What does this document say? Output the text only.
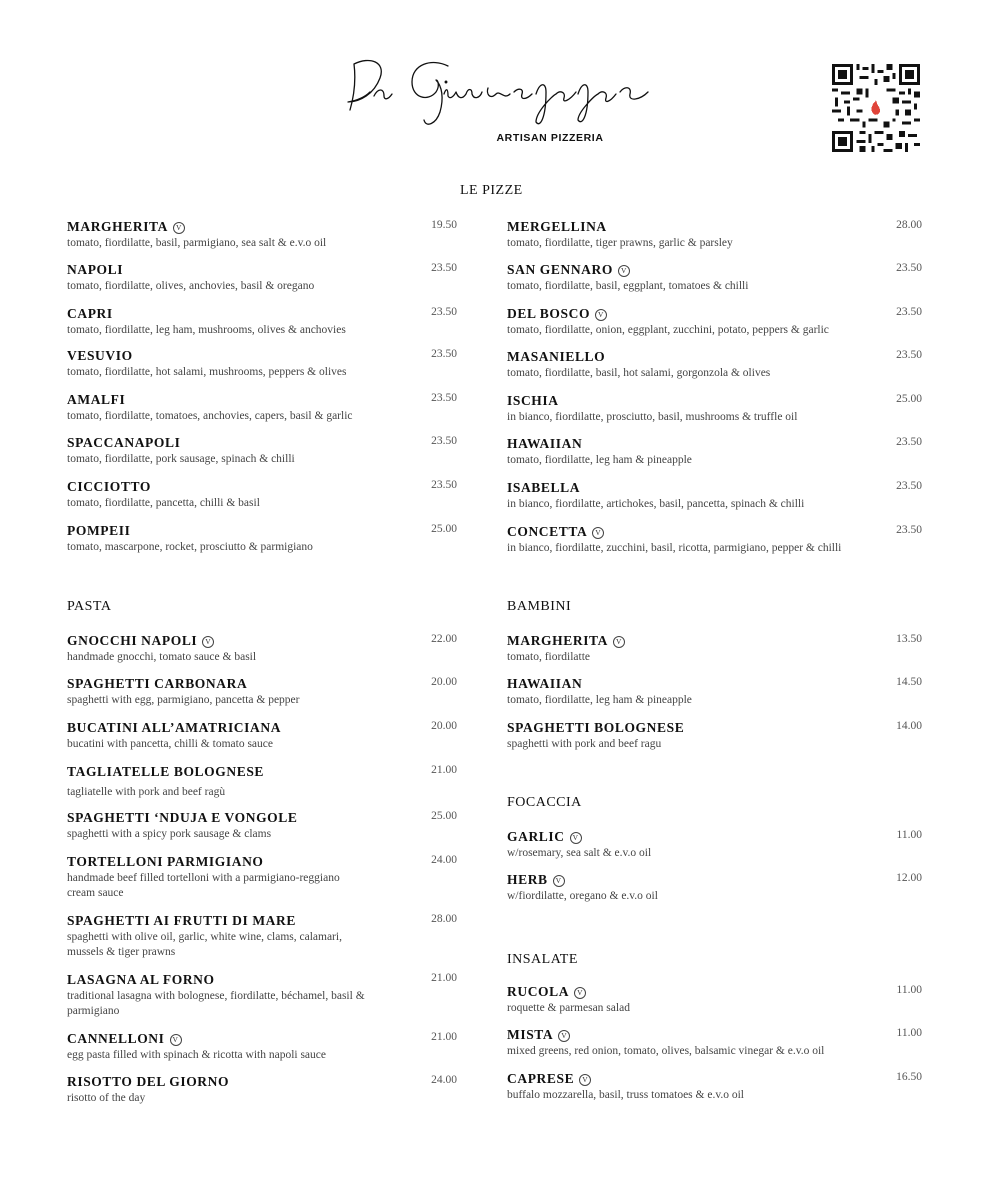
ARTISAN PIZZERIA
LE PIZZE
PASTA	BAMBINI
FOCACCIA
INSALATE
MARGHERITA V
tomato, fiordilatte, basil, parmigiano, sea salt & e.v.o oil
19.50
NAPOLI
tomato, fiordilatte, olives, anchovies, basil & oregano
23.50
CAPRI
tomato, fiordilatte, leg ham, mushrooms, olives & anchovies
23.50
VESUVIO
tomato, fiordilatte, hot salami, mushrooms, peppers & olives
23.50
AMALFI
tomato, fiordilatte, tomatoes, anchovies, capers, basil & garlic
23.50
SPACCANAPOLI
tomato, fiordilatte, pork sausage, spinach & chilli
23.50
CICCIOTTO
tomato, fiordilatte, pancetta, chilli & basil
23.50
POMPEII
tomato, mascarpone, rocket, prosciutto & parmigiano
25.00
MERGELLINA
tomato, fiordilatte, tiger prawns, garlic & parsley
28.00
SAN GENNARO V
tomato, fiordilatte, basil, eggplant, tomatoes & chilli
23.50
DEL BOSCO V
tomato, fiordilatte, onion, eggplant, zucchini, potato, peppers & garlic
23.50
MASANIELLO
tomato, fiordilatte, basil, hot salami, gorgonzola & olives
23.50
ISCHIA
in bianco, fiordilatte, prosciutto, basil, mushrooms & truffle oil
25.00
HAWAIIAN
tomato, fiordilatte, leg ham & pineapple
23.50
ISABELLA
in bianco, fiordilatte, artichokes, basil, pancetta, spinach & chilli
23.50
CONCETTA V
in bianco, fiordilatte, zucchini, basil, ricotta, parmigiano, pepper & chilli
23.50
GNOCCHI NAPOLI V
handmade gnocchi, tomato sauce & basil
22.00
SPAGHETTI CARBONARA
spaghetti with egg, parmigiano, pancetta & pepper
20.00
BUCATINI ALL’AMATRICIANA
bucatini with pancetta, chilli & tomato sauce
20.00
TAGLIATELLE BOLOGNESE
tagliatelle with pork and beef ragù
21.00
SPAGHETTI ‘NDUJA E VONGOLE
spaghetti with a spicy pork sausage & clams
25.00
TORTELLONI PARMIGIANO
handmade beef filled tortelloni with a parmigiano-reggiano cream sauce
24.00
SPAGHETTI AI FRUTTI DI MARE
spaghetti with olive oil, garlic, white wine, clams, calamari, mussels & tiger prawns
28.00
LASAGNA AL FORNO
traditional lasagna with bolognese, fiordilatte, béchamel, basil & parmigiano
21.00
CANNELLONI V
egg pasta filled with spinach & ricotta with napoli sauce
21.00
RISOTTO DEL GIORNO
risotto of the day
24.00
MARGHERITA V
tomato, fiordilatte
13.50
HAWAIIAN
tomato, fiordilatte, leg ham & pineapple
14.50
SPAGHETTI BOLOGNESE
spaghetti with pork and beef ragu
14.00
GARLIC V
w/rosemary, sea salt & e.v.o oil
11.00
HERB V
w/fiordilatte, oregano & e.v.o oil
12.00
RUCOLA V
roquette & parmesan salad
11.00
MISTA V
mixed greens, red onion, tomato, olives, balsamic vinegar & e.v.o oil
11.00
CAPRESE V
buffalo mozzarella, basil, truss tomatoes & e.v.o oil
16.50
